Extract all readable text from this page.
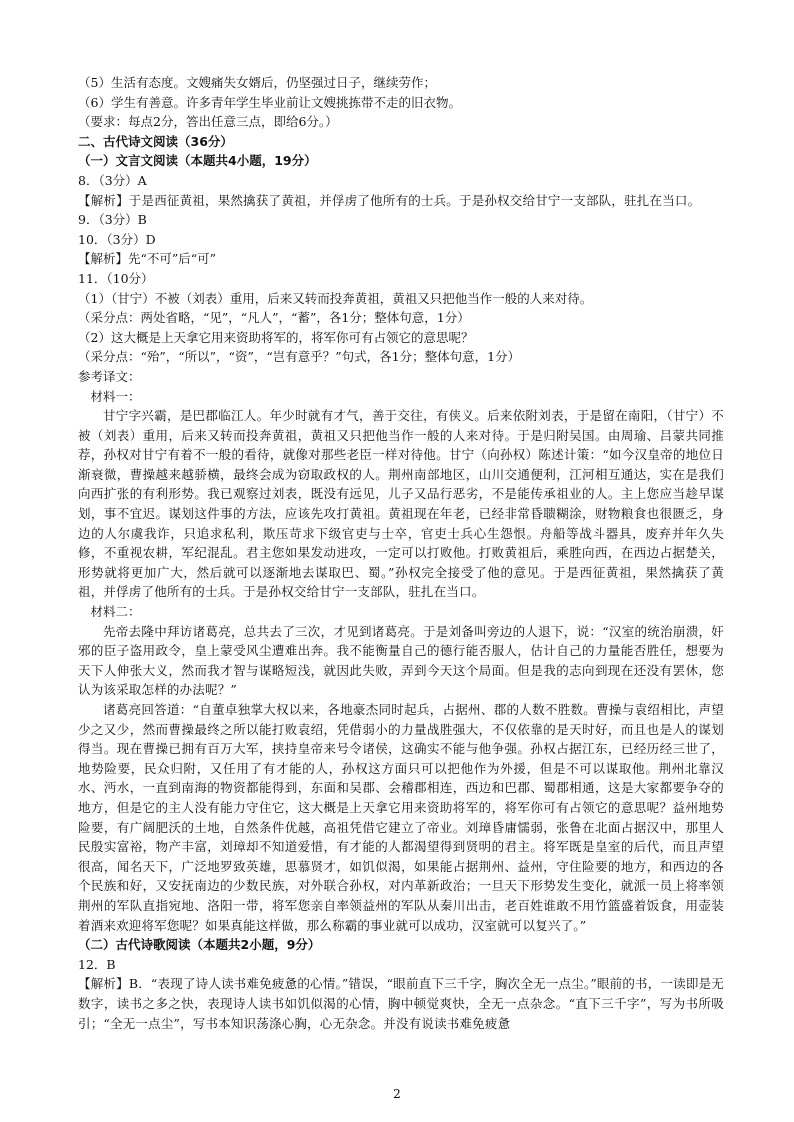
（5）生活有态度。文嫂痛失女婿后，仍坚强过日子，继续劳作；

（6）学生有善意。许多青年学生毕业前让文嫂挑拣带不走的旧衣物。

（要求：每点2分，答出任意三点，即给6分。）

二、古代诗文阅读（36分）

（一）文言文阅读（本题共4小题，19分）

8．（3分）A

【解析】于是西征黄祖，果然擒获了黄祖，并俘虏了他所有的士兵。于是孙权交给甘宁一支部队，驻扎在当口。

9．（3分）B

10．（3分）D

【解析】先“不可”后“可”

11．（10分）

（1）（甘宁）不被（刘表）重用，后来又转而投奔黄祖，黄祖又只把他当作一般的人来对待。

（采分点：两处省略，“见”，“凡人”，“蓄”，各1分；整体句意，1分）

（2）这大概是上天拿它用来资助将军的，将军你可有占领它的意思呢？

（采分点：“殆”，“所以”，“资”，“岂有意乎？”句式，各1分；整体句意，1分）

参考译文：

材料一：

甘宁字兴霸，是巴郡临江人。年少时就有才气，善于交往，有侠义。后来依附刘表，于是留在南阳，（甘宁）不被（刘表）重用，后来又转而投奔黄祖，黄祖又只把他当作一般的人来对待。于是归附吴国。由周瑜、吕蒙共同推荐，孙权对甘宁有着不一般的看待，就像对那些老臣一样对待他。甘宁（向孙权）陈述计策：“如今汉皇帝的地位日渐衰微，曹操越来越骄横，最终会成为窃取政权的人。荆州南部地区，山川交通便利，江河相互通达，实在是我们向西扩张的有利形势。我已观察过刘表，既没有远见，儿子又品行恶劣，不是能传承祖业的人。主上您应当趁早谋划，事不宜迟。谋划这件事的方法，应该先攻打黄祖。黄祖现在年老，已经非常昏聩糊涂，财物粮食也很匮乏，身边的人尔虞我诈，只追求私利，欺压苛求下级官吏与士卒，官吏士兵心生怨恨。舟船等战斗器具，废弃并年久失修，不重视农耕，军纪混乱。君主您如果发动进攻，一定可以打败他。打败黄祖后，乘胜向西，在西边占据楚关，形势就将更加广大，然后就可以逐渐地去谋取巴、蜀。”孙权完全接受了他的意见。于是西征黄祖，果然擒获了黄祖，并俘虏了他所有的士兵。于是孙权交给甘宁一支部队，驻扎在当口。

材料二：

先帝去隆中拜访诸葛亮，总共去了三次，才见到诸葛亮。于是刘备叫旁边的人退下，说：“汉室的统治崩溃，奸邪的臣子盗用政令，皇上蒙受风尘遭难出奔。我不能衡量自己的德行能否服人，估计自己的力量能否胜任，想要为天下人伸张大义，然而我才智与谋略短浅，就因此失败，弄到今天这个局面。但是我的志向到现在还没有罢休，您认为该采取怎样的办法呢？”

诸葛亮回答道：“自董卓独掌大权以来，各地豪杰同时起兵，占据州、郡的人数不胜数。曹操与袁绍相比，声望少之又少，然而曹操最终之所以能打败袁绍，凭借弱小的力量战胜强大，不仅依靠的是天时好，而且也是人的谋划得当。现在曹操已拥有百万大军，挟持皇帝来号令诸侯，这确实不能与他争强。孙权占据江东，已经历经三世了，地势险要，民众归附，又任用了有才能的人，孙权这方面只可以把他作为外援，但是不可以谋取他。荆州北靠汉水、沔水，一直到南海的物资都能得到，东面和吴郡、会稽郡相连，西边和巴郡、蜀郡相通，这是大家都要争夺的地方，但是它的主人没有能力守住它，这大概是上天拿它用来资助将军的，将军你可有占领它的意思呢？益州地势险要，有广阔肥沃的土地，自然条件优越，高祖凭借它建立了帝业。刘璋昏庸懦弱，张鲁在北面占据汉中，那里人民殷实富裕，物产丰富，刘璋却不知道爱惜，有才能的人都渴望得到贤明的君主。将军既是皇室的后代，而且声望很高，闻名天下，广泛地罗致英雄，思慕贤才，如饥似渴，如果能占据荆州、益州，守住险要的地方，和西边的各个民族和好，又安抚南边的少数民族，对外联合孙权，对内革新政治；一旦天下形势发生变化，就派一员上将率领荆州的军队直指宛地、洛阳一带，将军您亲自率领益州的军队从秦川出击，老百姓谁敢不用竹篮盛着饭食，用壶装着酒来欢迎将军您呢？如果真能这样做，那么称霸的事业就可以成功，汉室就可以复兴了。”

（二）古代诗歌阅读（本题共2小题，9分）

12．B

【解析】B．“表现了诗人读书难免疲惫的心情。”错误，“眼前直下三千字，胸次全无一点尘。”眼前的书，一读即是无数字，读书之多之快，表现诗人读书如饥似渴的心情，胸中顿觉爽快，全无一点杂念。“直下三千字”，写为书所吸引；“全无一点尘”，写书本知识荡涤心胸，心无杂念。并没有说读书难免疲惫

2
